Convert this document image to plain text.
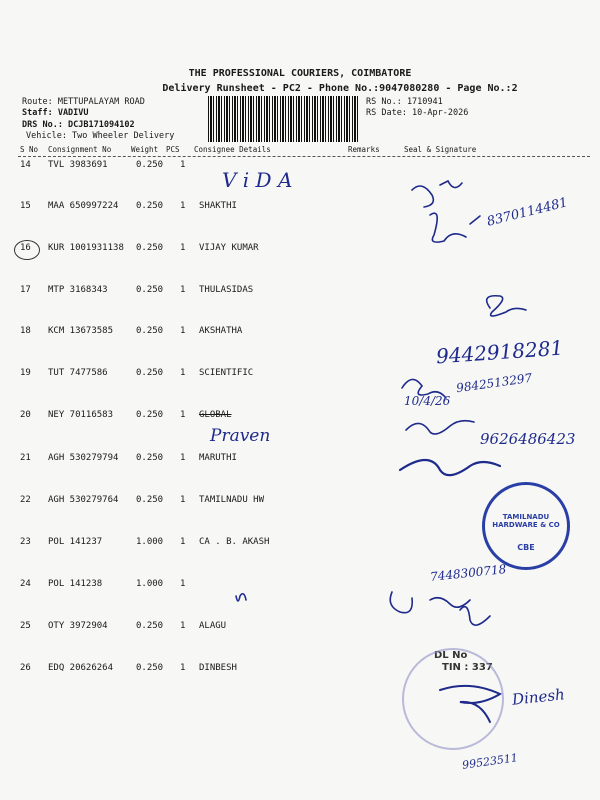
THE PROFESSIONAL COURIERS, COIMBATORE
Delivery Runsheet - PC2 - Phone No.:9047080280 - Page No.:2
Route: METTUPALAYAM ROAD
Staff: VADIVU
DRS No.: DCJB171094102
Vehicle: Two Wheeler Delivery
RS No.: 1710941
RS Date: 10-Apr-2026
S No Consignment No	Weight PCS Consignee Details	Remarks	Seal & Signature
14 TVL 3983691	0.250 1
15 MAA 650997224 0.250 1 SHAKTHI
16 KUR 1001931138 0.250 1 VIJAY KUMAR
17 MTP 3168343	0.250 1 THULASIDAS
18 KCM 13673585	0.250 1 AKSHATHA
19 TUT 7477586	0.250 1 SCIENTIFIC
20 NEY 70116583	0.250 1 GLOBAL
21 AGH 530279794 0.250 1 MARUTHI
22 AGH 530279764 0.250 1 TAMILNADU HW
23 POL 141237	1.000 1 CA . B. AKASH
24 POL 141238	1.000 1
25 OTY 3972904	0.250 1 ALAGU
26 EDQ 20626264	0.250 1 DINBESH
V i D A
8370114481
9442918281
9842513297
10/4/26
9626486423
Praven
7448300718
Dinesh
99523511
DL No
TIN : 337
TAMILNADU HARDWARE & CO
CBE
